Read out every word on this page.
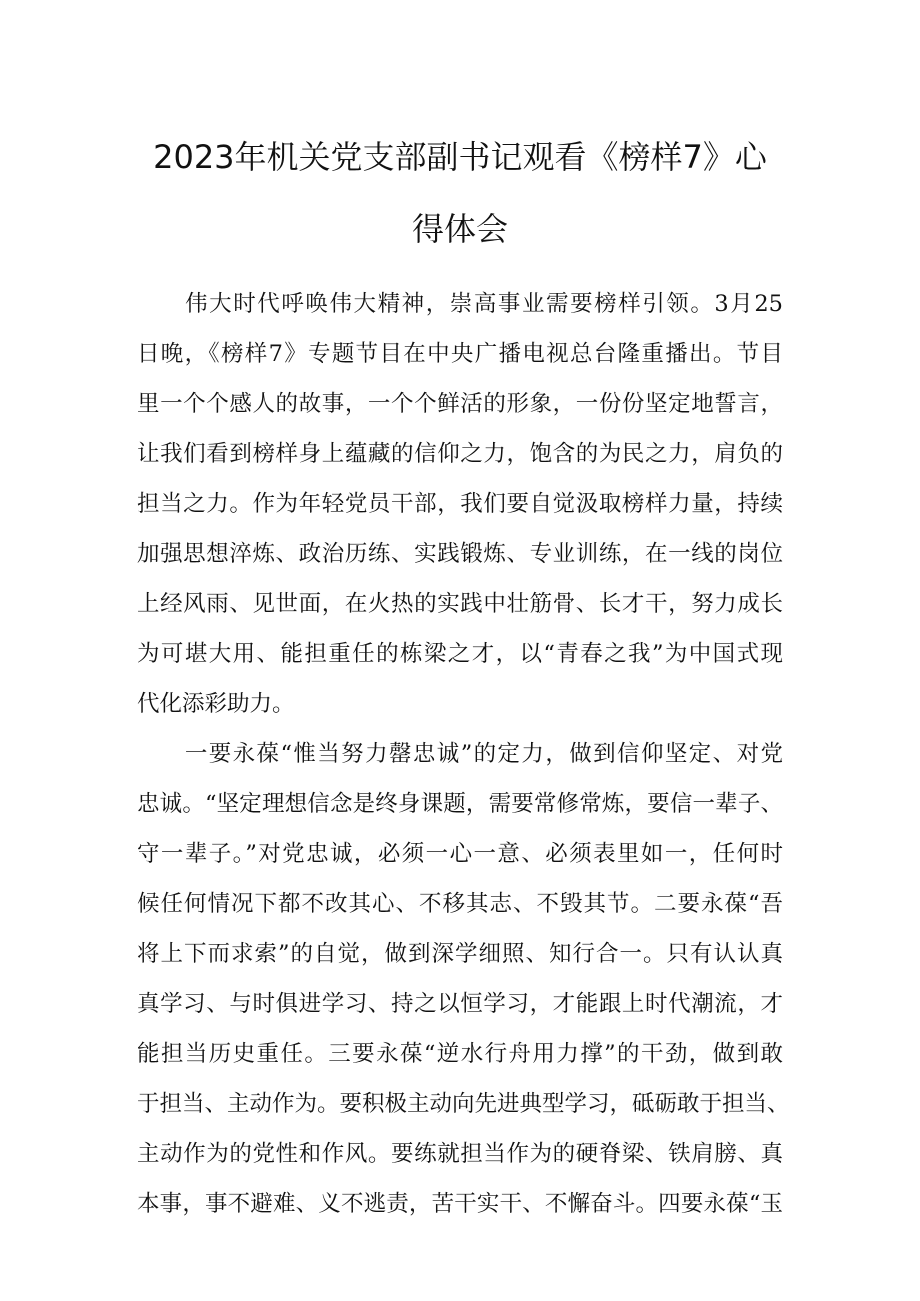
2023年机关党支部副书记观看《榜样7》心
得体会
　　伟大时代呼唤伟大精神，崇高事业需要榜样引领。3月25
日晚，《榜样7》专题节目在中央广播电视总台隆重播出。节目
里一个个感人的故事，一个个鲜活的形象，一份份坚定地誓言，
让我们看到榜样身上蕴藏的信仰之力，饱含的为民之力，肩负的
担当之力。作为年轻党员干部，我们要自觉汲取榜样力量，持续
加强思想淬炼、政治历练、实践锻炼、专业训练，在一线的岗位
上经风雨、见世面，在火热的实践中壮筋骨、长才干，努力成长
为可堪大用、能担重任的栋梁之才，以“青春之我”为中国式现
代化添彩助力。
　　一要永葆“惟当努力罄忠诚”的定力，做到信仰坚定、对党
忠诚。“坚定理想信念是终身课题，需要常修常炼，要信一辈子、
守一辈子。”对党忠诚，必须一心一意、必须表里如一，任何时
候任何情况下都不改其心、不移其志、不毁其节。二要永葆“吾
将上下而求索”的自觉，做到深学细照、知行合一。只有认认真
真学习、与时俱进学习、持之以恒学习，才能跟上时代潮流，才
能担当历史重任。三要永葆“逆水行舟用力撑”的干劲，做到敢
于担当、主动作为。要积极主动向先进典型学习，砥砺敢于担当、
主动作为的党性和作风。要练就担当作为的硬脊梁、铁肩膀、真
本事，事不避难、义不逃责，苦干实干、不懈奋斗。四要永葆“玉
